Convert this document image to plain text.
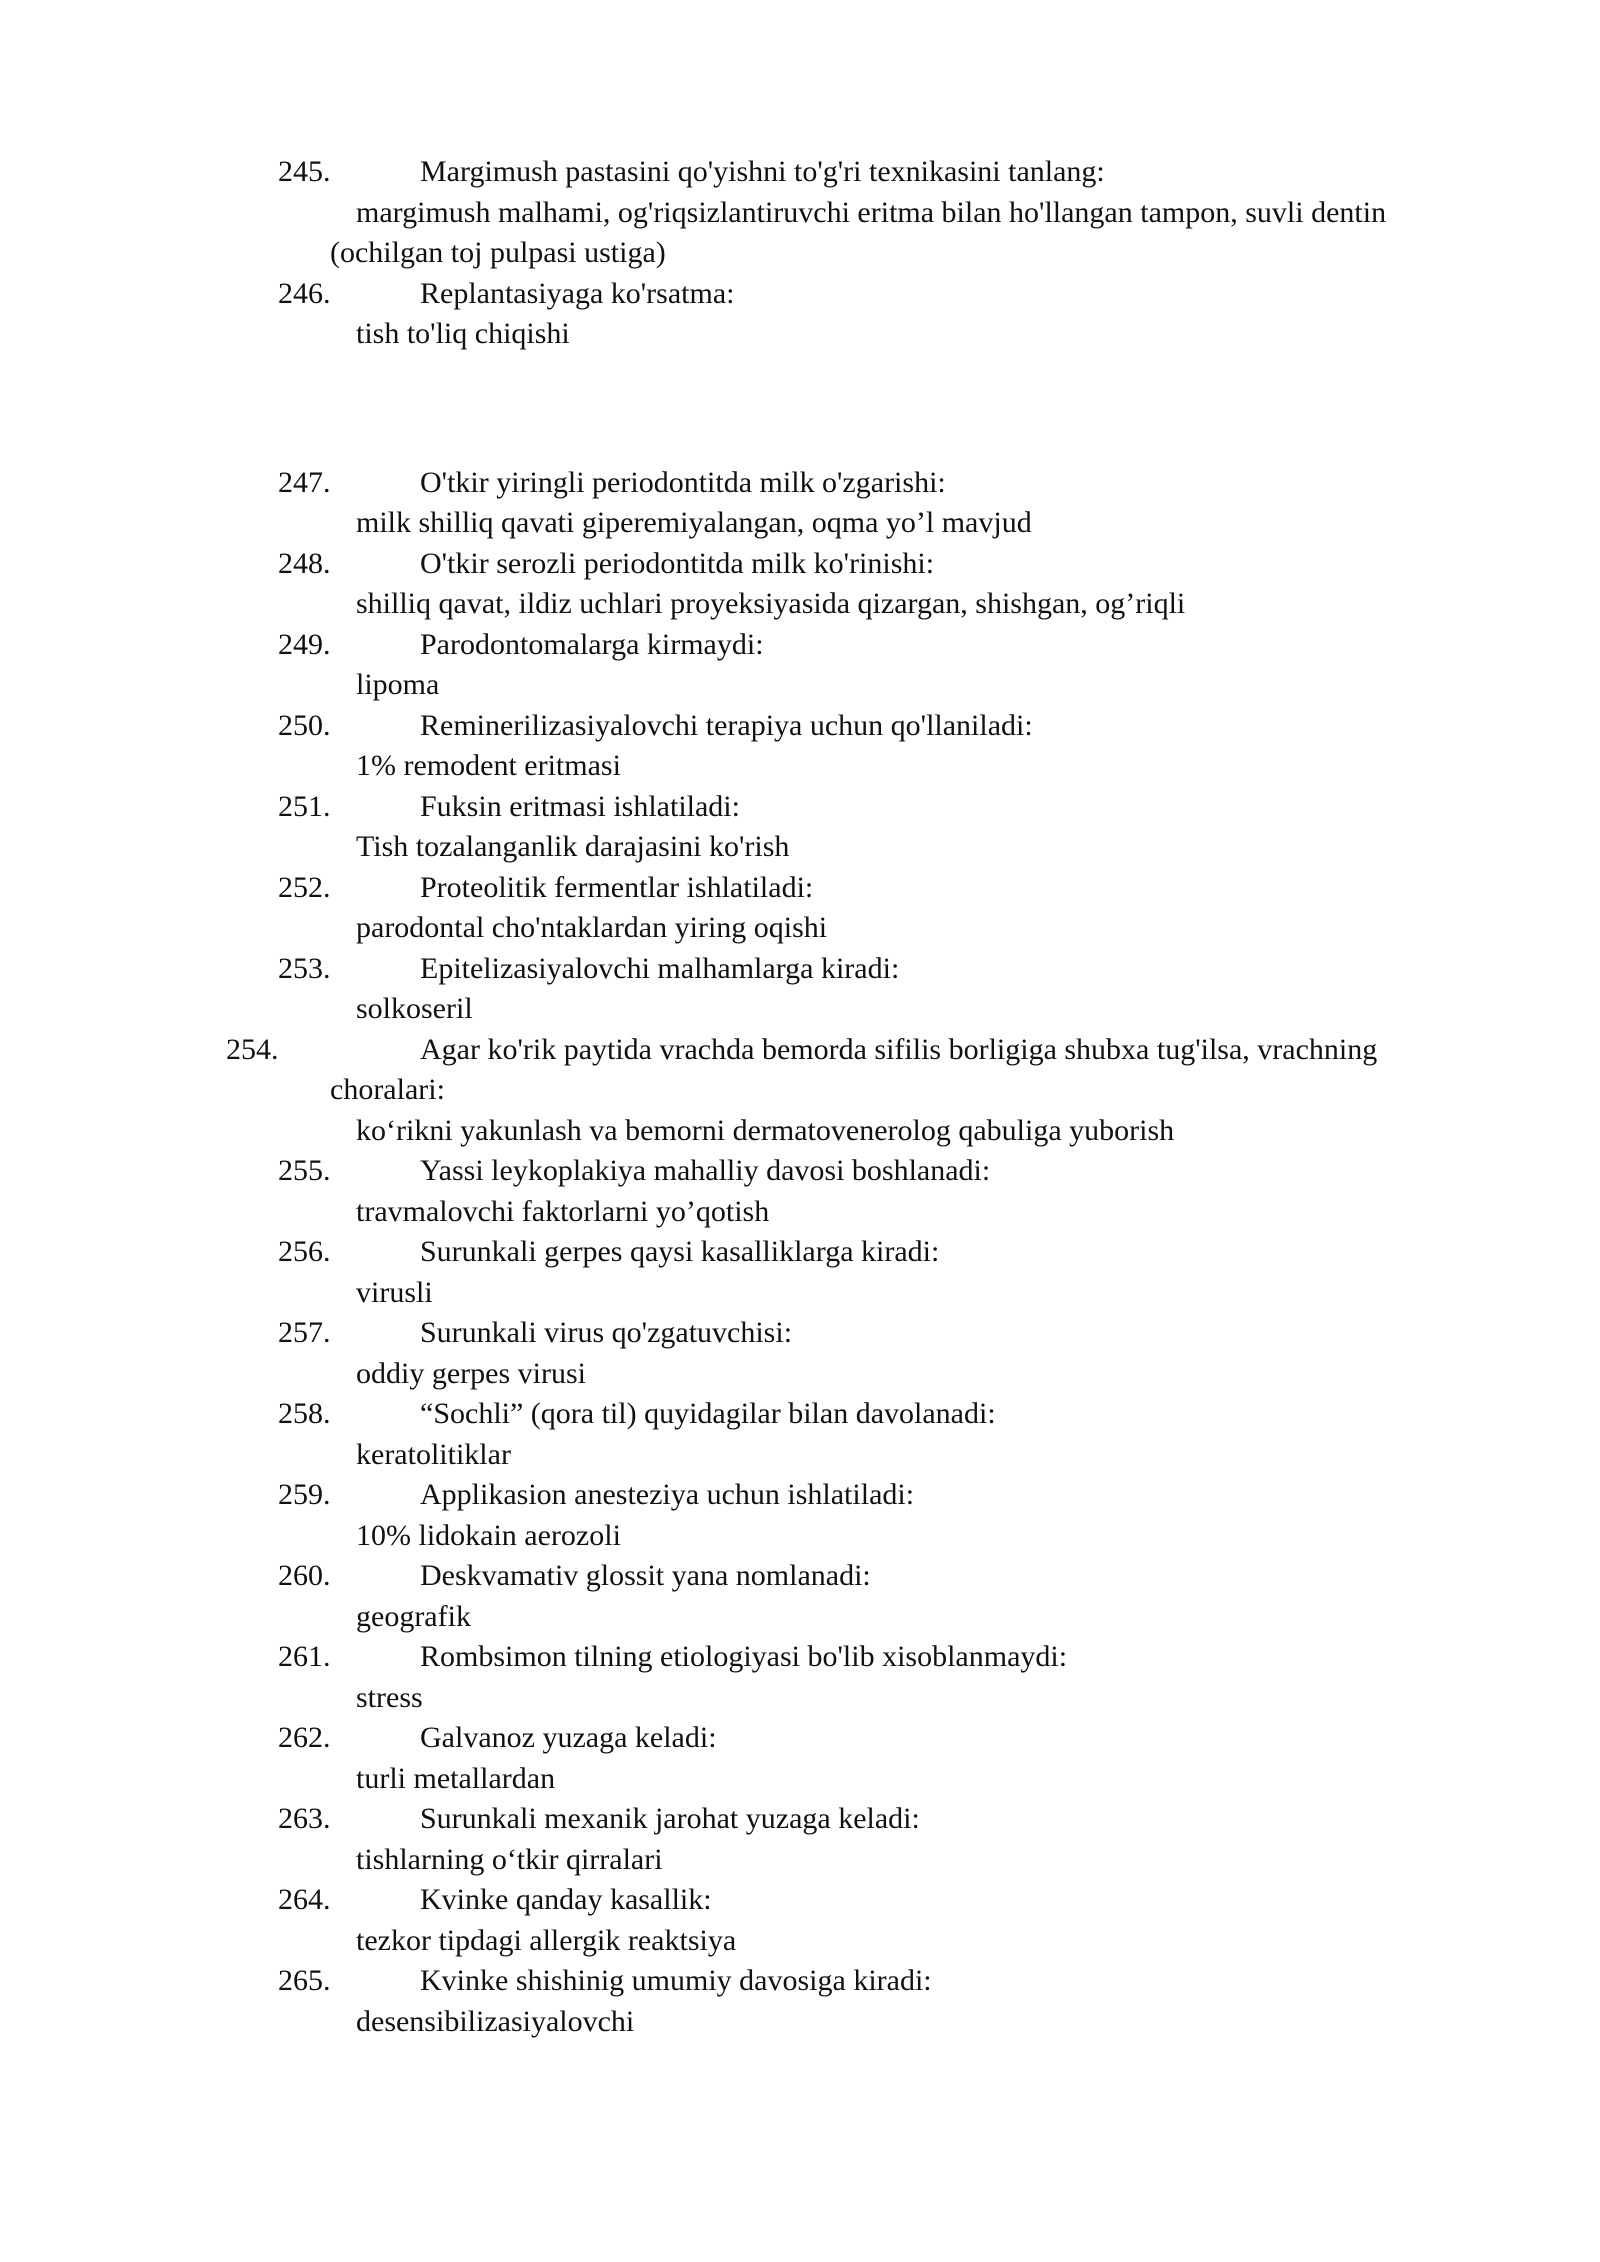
245.	Margimush pastasini qo'yishni to'g'ri texnikasini tanlang:

margimush malhami, og'riqsizlantiruvchi eritma bilan ho'llangan tampon, suvli dentin (ochilgan toj pulpasi ustiga)

246.	Replantasiyaga ko'rsatma:

tish to'liq chiqishi

247.	O'tkir yiringli periodontitda milk o'zgarishi:

milk shilliq qavati giperemiyalangan, oqma yo’l mavjud

248.	O'tkir serozli periodontitda milk ko'rinishi:

shilliq qavat, ildiz uchlari proyeksiyasida qizargan, shishgan, og’riqli

249.	Parodontomalarga kirmaydi:

lipoma

250.	Reminerilizasiyalovchi terapiya uchun qo'llaniladi:

1% remodent eritmasi

251.	Fuksin eritmasi ishlatiladi:

Tish tozalanganlik darajasini ko'rish

252.	Proteolitik fermentlar ishlatiladi:

parodontal cho'ntaklardan yiring oqishi

253.	Epitelizasiyalovchi malhamlarga kiradi:

solkoseril

254.	Agar ko'rik paytida vrachda bemorda sifilis borligiga shubxa tug'ilsa, vrachning choralari:

ko‘rikni yakunlash va bemorni dermatovenerolog qabuliga yuborish

255.	Yassi leykoplakiya mahalliy davosi boshlanadi:

travmalovchi faktorlarni yo’qotish

256.	Surunkali gerpes qaysi kasalliklarga kiradi:

virusli

257.	Surunkali virus qo'zgatuvchisi:

oddiy gerpes virusi

258.	“Sochli” (qora til) quyidagilar bilan davolanadi:

keratolitiklar

259.	Applikasion anesteziya uchun ishlatiladi:

10% lidokain aerozoli

260.	Deskvamativ glossit yana nomlanadi:

geografik

261.	Rombsimon tilning etiologiyasi bo'lib xisoblanmaydi:

stress

262.	Galvanoz yuzaga keladi:

turli metallardan

263.	Surunkali mexanik jarohat yuzaga keladi:

tishlarning o‘tkir qirralari

264.	Kvinke qanday kasallik:

tezkor tipdagi allergik reaktsiya

265.	Kvinke shishinig umumiy davosiga kiradi:

desensibilizasiyalovchi
